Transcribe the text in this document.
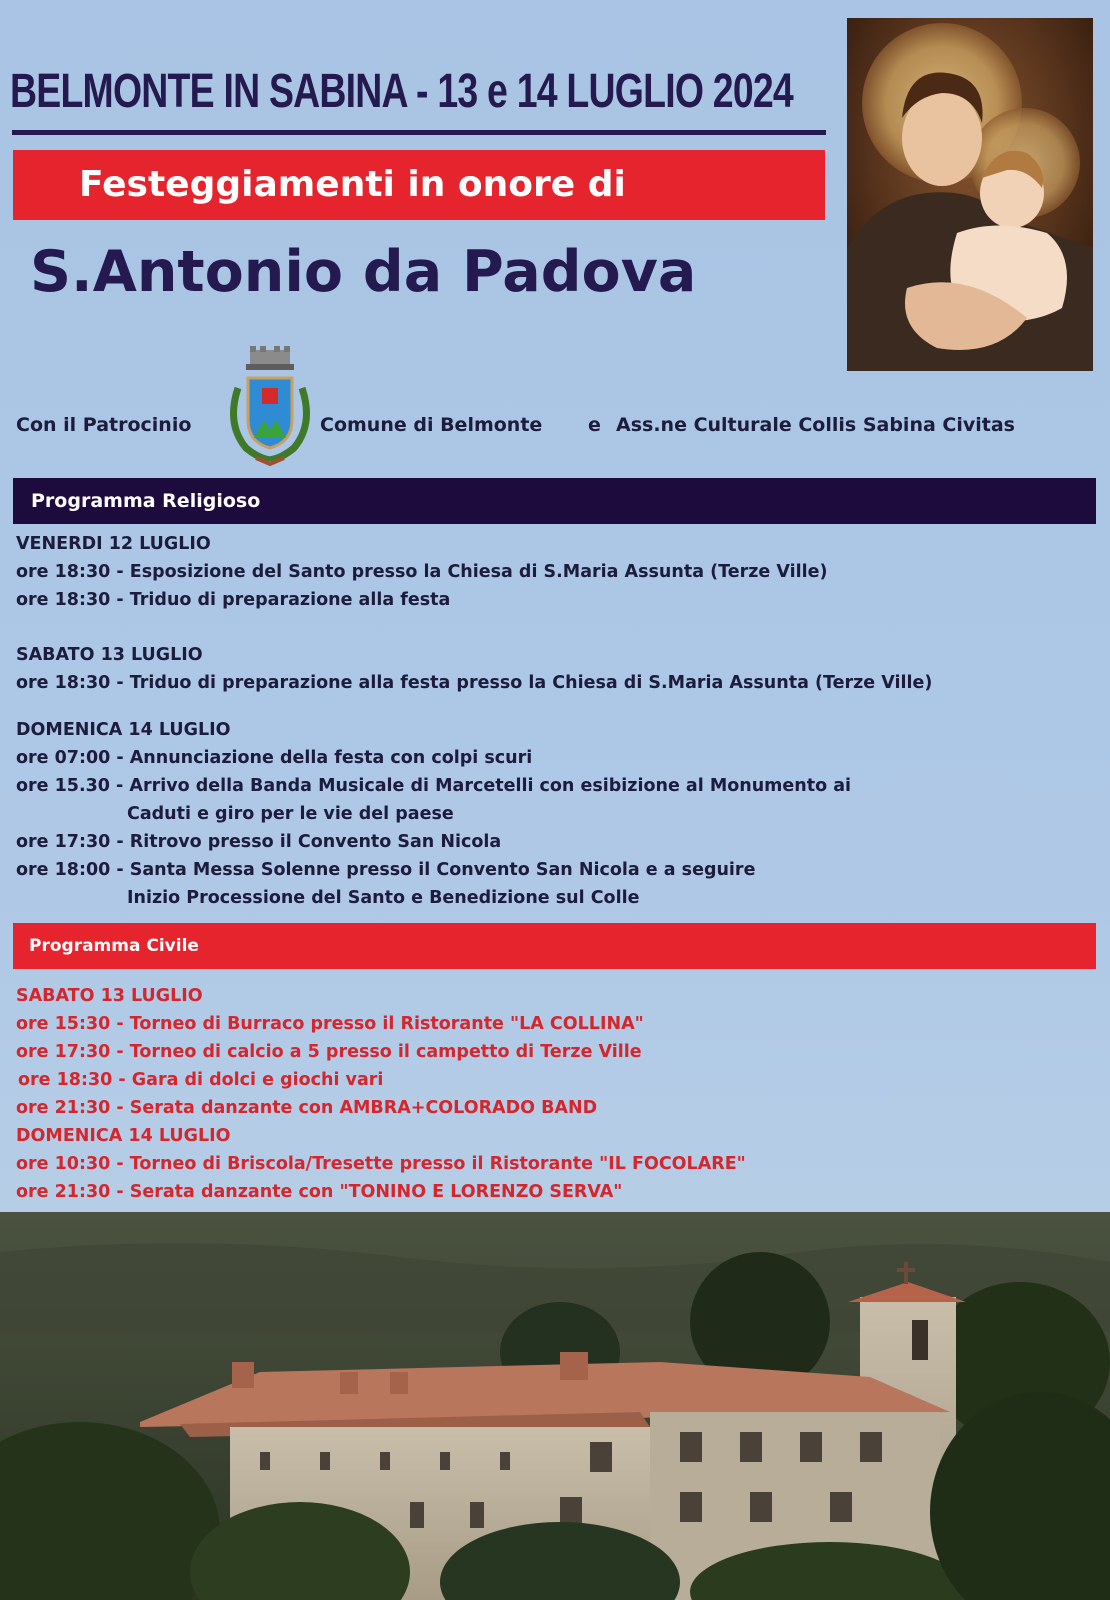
BELMONTE IN SABINA - 13 e 14 LUGLIO 2024
Festeggiamenti in onore di
S.Antonio da Padova
Con il Patrocinio	Comune di Belmonte e Ass.ne Culturale Collis Sabina Civitas
Programma Religioso
VENERDI 12 LUGLIO
ore 18:30 - Esposizione del Santo presso la Chiesa di S.Maria Assunta (Terze Ville)
ore 18:30 - Triduo di preparazione alla festa
SABATO 13 LUGLIO
ore 18:30 - Triduo di preparazione alla festa presso la Chiesa di S.Maria Assunta (Terze Ville)
DOMENICA 14 LUGLIO
ore 07:00 - Annunciazione della festa con colpi scuri
ore 15.30 - Arrivo della Banda Musicale di Marcetelli con esibizione al Monumento ai
Caduti e giro per le vie del paese
ore 17:30 - Ritrovo presso il Convento San Nicola
ore 18:00 - Santa Messa Solenne presso il Convento San Nicola e a seguire
Inizio Processione del Santo e Benedizione sul Colle
Programma Civile
SABATO 13 LUGLIO
ore 15:30 - Torneo di Burraco presso il Ristorante "LA COLLINA"
ore 17:30 - Torneo di calcio a 5 presso il campetto di Terze Ville
ore 18:30 - Gara di dolci e giochi vari
ore 21:30 - Serata danzante con AMBRA+COLORADO BAND
DOMENICA 14 LUGLIO
ore 10:30 - Torneo di Briscola/Tresette presso il Ristorante "IL FOCOLARE"
ore 21:30 - Serata danzante con "TONINO E LORENZO SERVA"
